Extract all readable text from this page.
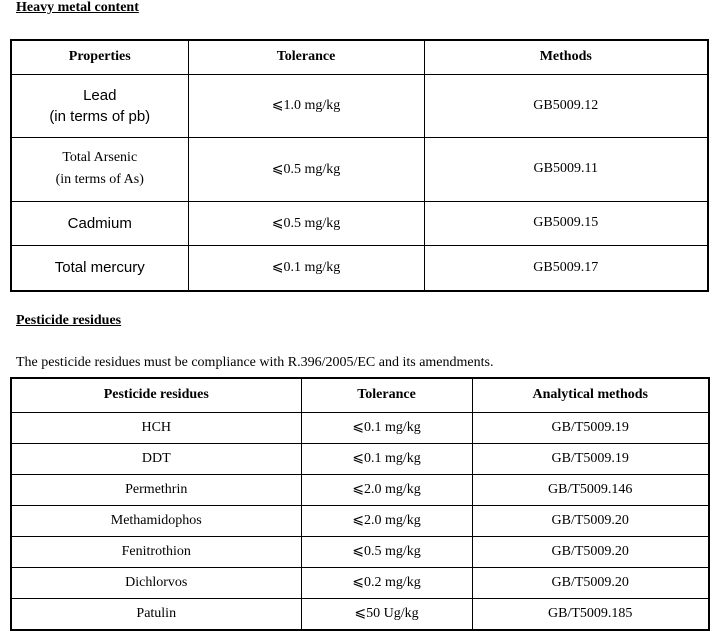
Heavy metal content
Properties	Tolerance	Methods

Lead
(in terms of pb)	⩽1.0 mg/kg	GB5009.12

Total Arsenic
(in terms of As)	⩽0.5 mg/kg	GB5009.11
Cadmium	⩽0.5 mg/kg	GB5009.15
Total mercury	⩽0.1 mg/kg	GB5009.17
Pesticide residues
The pesticide residues must be compliance with R.396/2005/EC and its amendments.
Pesticide residues	Tolerance	Analytical methods
HCH	⩽0.1 mg/kg	GB/T5009.19
DDT	⩽0.1 mg/kg	GB/T5009.19
Permethrin	⩽2.0 mg/kg	GB/T5009.146
Methamidophos	⩽2.0 mg/kg	GB/T5009.20
Fenitrothion	⩽0.5 mg/kg	GB/T5009.20
Dichlorvos	⩽0.2 mg/kg	GB/T5009.20
Patulin	⩽50 Ug/kg	GB/T5009.185
